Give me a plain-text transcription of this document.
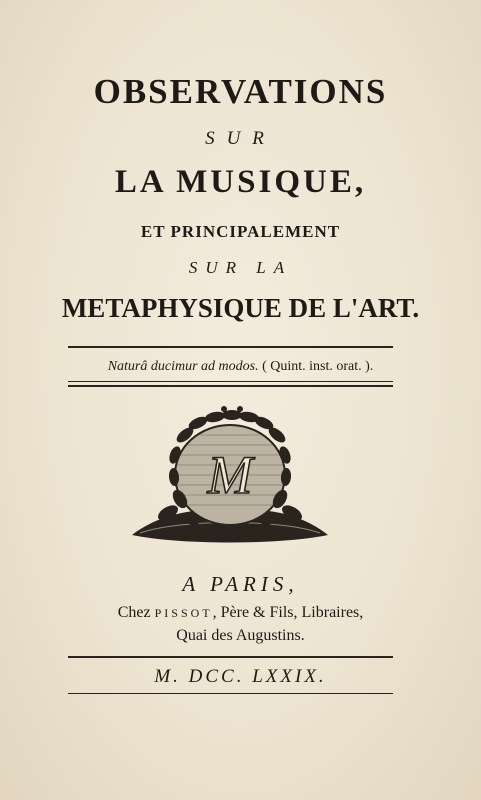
OBSERVATIONS
SUR
LA MUSIQUE,
ET PRINCIPALEMENT
SUR LA
METAPHYSIQUE DE L'ART.
Naturâ ducimur ad modos. ( Quint. inst. orat. ).
M
A PARIS,
Chez PISSOT, Père & Fils, Libraires,
Quai des Augustins.
M. DCC. LXXIX.
